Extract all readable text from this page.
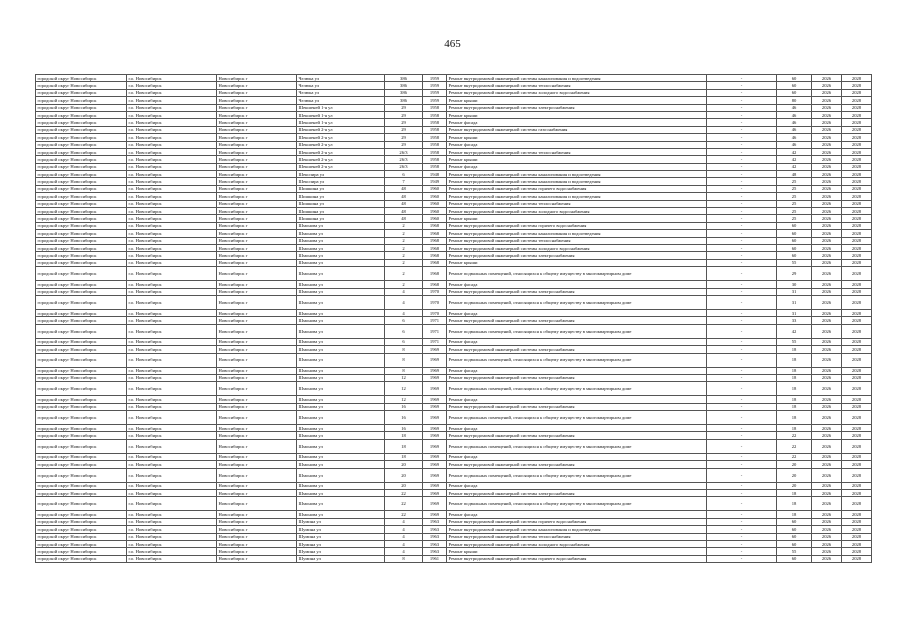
465
городской округ Новосибирск	г.о. Новосибирск	Новосибирск г	Челюка ул	386	1959	Ремонт внутридомовой инженерной системы канализования и водоотведения	-	60	2026	2028
городской округ Новосибирск	г.о. Новосибирск	Новосибирск г	Челюка ул	386	1959	Ремонт внутридомовой инженерной системы теплоснабжения	-	60	2026	2028
городской округ Новосибирск	г.о. Новосибирск	Новосибирск г	Челюка ул	386	1959	Ремонт внутридомовой инженерной системы холодного водоснабжения	-	60	2026	2028
городской округ Новосибирск	г.о. Новосибирск	Новосибирск г	Челюка ул	386	1959	Ремонт крыши	-	80	2026	2028
городской округ Новосибирск	г.о. Новосибирск	Новосибирск г	Шекшеней 1-я ул	29	1958	Ремонт внутридомовой инженерной системы электроснабжения	-	46	2026	2028
городской округ Новосибирск	г.о. Новосибирск	Новосибирск г	Шекшеней 1-я ул	29	1958	Ремонт крыши	-	46	2026	2028
городской округ Новосибирск	г.о. Новосибирск	Новосибирск г	Шекшеней 1-я ул	29	1958	Ремонт фасада	-	46	2026	2028
городской округ Новосибирск	г.о. Новосибирск	Новосибирск г	Шекшеней 2-я ул	29	1958	Ремонт внутридомовой инженерной системы газоснабжения	-	46	2026	2028
городской округ Новосибирск	г.о. Новосибирск	Новосибирск г	Шекшеней 2-я ул	29	1958	Ремонт крыши	-	46	2026	2028
городской округ Новосибирск	г.о. Новосибирск	Новосибирск г	Шекшеней 2-я ул	29	1958	Ремонт фасада	-	46	2026	2028
городской округ Новосибирск	г.о. Новосибирск	Новосибирск г	Шекшеней 2-я ул	26/3	1958	Ремонт внутридомовой инженерной системы теплоснабжения	-	42	2026	2028
городской округ Новосибирск	г.о. Новосибирск	Новосибирск г	Шекшеней 2-я ул	26/3	1958	Ремонт крыши	-	42	2026	2028
городской округ Новосибирск	г.о. Новосибирск	Новосибирск г	Шекшеней 2-я ул	26/3	1958	Ремонт фасада	-	42	2026	2028
городской округ Новосибирск	г.о. Новосибирск	Новосибирск г	Шекспира ул	6	1948	Ремонт внутридомовой инженерной системы канализования и водоотведения	-	48	2026	2028
городской округ Новосибирск	г.о. Новосибирск	Новосибирск г	Шекспира ул	7	1949	Ремонт внутридомовой инженерной системы канализования и водоотведения	-	25	2026	2028
городской округ Новосибирск	г.о. Новосибирск	Новосибирск г	Шишкина ул	48	1960	Ремонт внутридомовой инженерной системы горячего водоснабжения	-	25	2026	2028
городской округ Новосибирск	г.о. Новосибирск	Новосибирск г	Шишкина ул	48	1960	Ремонт внутридомовой инженерной системы канализования и водоотведения	-	25	2026	2028
городской округ Новосибирск	г.о. Новосибирск	Новосибирск г	Шишкина ул	48	1960	Ремонт внутридомовой инженерной системы теплоснабжения	-	25	2026	2028
городской округ Новосибирск	г.о. Новосибирск	Новосибирск г	Шишкина ул	48	1960	Ремонт внутридомовой инженерной системы холодного водоснабжения	-	25	2026	2028
городской округ Новосибирск	г.о. Новосибирск	Новосибирск г	Шишкина ул	48	1960	Ремонт крыши	-	25	2026	2028
городской округ Новосибирск	г.о. Новосибирск	Новосибирск г	Шмонова ул	2	1968	Ремонт внутридомовой инженерной системы горячего водоснабжения	-	60	2026	2028
городской округ Новосибирск	г.о. Новосибирск	Новосибирск г	Шмонова ул	2	1968	Ремонт внутридомовой инженерной системы канализования и водоотведения	-	60	2026	2028
городской округ Новосибирск	г.о. Новосибирск	Новосибирск г	Шмонова ул	2	1968	Ремонт внутридомовой инженерной системы теплоснабжения	-	60	2026	2028
городской округ Новосибирск	г.о. Новосибирск	Новосибирск г	Шмонова ул	2	1968	Ремонт внутридомовой инженерной системы холодного водоснабжения	-	60	2026	2028
городской округ Новосибирск	г.о. Новосибирск	Новосибирск г	Шмонова ул	2	1968	Ремонт внутридомовой инженерной системы электроснабжения	-	60	2026	2028
городской округ Новосибирск	г.о. Новосибирск	Новосибирск г	Шмонова ул	2	1968	Ремонт крыши	-	55	2026	2028
городской округ Новосибирск	г.о. Новосибирск	Новосибирск г	Шмонова ул	2	1968	Ремонт подвальных помещений, относящихся к общему имуществу в многоквартирном доме	-	29	2026	2028
городской округ Новосибирск	г.о. Новосибирск	Новосибирск г	Шмонова ул	2	1968	Ремонт фасада	-	30	2026	2028
городской округ Новосибирск	г.о. Новосибирск	Новосибирск г	Шмонова ул	4	1970	Ремонт внутридомовой инженерной системы электроснабжения	-	31	2026	2028
городской округ Новосибирск	г.о. Новосибирск	Новосибирск г	Шмонова ул	4	1970	Ремонт подвальных помещений, относящихся к общему имуществу в многоквартирном доме	-	31	2026	2028
городской округ Новосибирск	г.о. Новосибирск	Новосибирск г	Шмонова ул	4	1970	Ремонт фасада	-	31	2026	2028
городской округ Новосибирск	г.о. Новосибирск	Новосибирск г	Шмонова ул	6	1971	Ремонт внутридомовой инженерной системы электроснабжения	-	33	2026	2028
городской округ Новосибирск	г.о. Новосибирск	Новосибирск г	Шмонова ул	6	1971	Ремонт подвальных помещений, относящихся к общему имуществу в многоквартирном доме	-	42	2026	2028
городской округ Новосибирск	г.о. Новосибирск	Новосибирск г	Шмонова ул	6	1971	Ремонт фасада	-	55	2026	2028
городской округ Новосибирск	г.о. Новосибирск	Новосибирск г	Шмонова ул	8	1969	Ремонт внутридомовой инженерной системы электроснабжения	-	18	2026	2028
городской округ Новосибирск	г.о. Новосибирск	Новосибирск г	Шмонова ул	8	1969	Ремонт подвальных помещений, относящихся к общему имуществу в многоквартирном доме	-	18	2026	2028
городской округ Новосибирск	г.о. Новосибирск	Новосибирск г	Шмонова ул	8	1969	Ремонт фасада	-	18	2026	2028
городской округ Новосибирск	г.о. Новосибирск	Новосибирск г	Шмонова ул	12	1969	Ремонт внутридомовой инженерной системы электроснабжения	-	18	2026	2028
городской округ Новосибирск	г.о. Новосибирск	Новосибирск г	Шмонова ул	12	1969	Ремонт подвальных помещений, относящихся к общему имуществу в многоквартирном доме	-	18	2026	2028
городской округ Новосибирск	г.о. Новосибирск	Новосибирск г	Шмонова ул	12	1969	Ремонт фасада	-	18	2026	2028
городской округ Новосибирск	г.о. Новосибирск	Новосибирск г	Шмонова ул	16	1969	Ремонт внутридомовой инженерной системы электроснабжения	-	18	2026	2028
городской округ Новосибирск	г.о. Новосибирск	Новосибирск г	Шмонова ул	16	1969	Ремонт подвальных помещений, относящихся к общему имуществу в многоквартирном доме	-	18	2026	2028
городской округ Новосибирск	г.о. Новосибирск	Новосибирск г	Шмонова ул	16	1969	Ремонт фасада	-	18	2026	2028
городской округ Новосибирск	г.о. Новосибирск	Новосибирск г	Шмонова ул	18	1969	Ремонт внутридомовой инженерной системы электроснабжения	-	22	2026	2028
городской округ Новосибирск	г.о. Новосибирск	Новосибирск г	Шмонова ул	18	1969	Ремонт подвальных помещений, относящихся к общему имуществу в многоквартирном доме	-	22	2026	2028
городской округ Новосибирск	г.о. Новосибирск	Новосибирск г	Шмонова ул	18	1969	Ремонт фасада	-	22	2026	2028
городской округ Новосибирск	г.о. Новосибирск	Новосибирск г	Шмонова ул	20	1969	Ремонт внутридомовой инженерной системы электроснабжения	-	20	2026	2028
городской округ Новосибирск	г.о. Новосибирск	Новосибирск г	Шмонова ул	20	1969	Ремонт подвальных помещений, относящихся к общему имуществу в многоквартирном доме	-	20	2026	2028
городской округ Новосибирск	г.о. Новосибирск	Новосибирск г	Шмонова ул	20	1969	Ремонт фасада	-	20	2026	2028
городской округ Новосибирск	г.о. Новосибирск	Новосибирск г	Шмонова ул	22	1969	Ремонт внутридомовой инженерной системы электроснабжения	-	18	2026	2028
городской округ Новосибирск	г.о. Новосибирск	Новосибирск г	Шмонова ул	22	1969	Ремонт подвальных помещений, относящихся к общему имуществу в многоквартирном доме	-	18	2026	2028
городской округ Новосибирск	г.о. Новосибирск	Новосибирск г	Шмонова ул	22	1969	Ремонт фасада	-	18	2026	2028
городской округ Новосибирск	г.о. Новосибирск	Новосибирск г	Шумина ул	4	1963	Ремонт внутридомовой инженерной системы горячего водоснабжения	-	60	2026	2028
городской округ Новосибирск	г.о. Новосибирск	Новосибирск г	Шумина ул	4	1963	Ремонт внутридомовой инженерной системы канализования и водоотведения	-	60	2026	2028
городской округ Новосибирск	г.о. Новосибирск	Новосибирск г	Шумина ул	4	1963	Ремонт внутридомовой инженерной системы теплоснабжения	-	60	2026	2028
городской округ Новосибирск	г.о. Новосибирск	Новосибирск г	Шумина ул	4	1963	Ремонт внутридомовой инженерной системы холодного водоснабжения	-	60	2026	2028
городской округ Новосибирск	г.о. Новосибирск	Новосибирск г	Шумина ул	4	1963	Ремонт крыши	-	55	2026	2028
городской округ Новосибирск	г.о. Новосибирск	Новосибирск г	Шумина ул	8	1961	Ремонт внутридомовой инженерной системы горячего водоснабжения	-	60	2026	2028
